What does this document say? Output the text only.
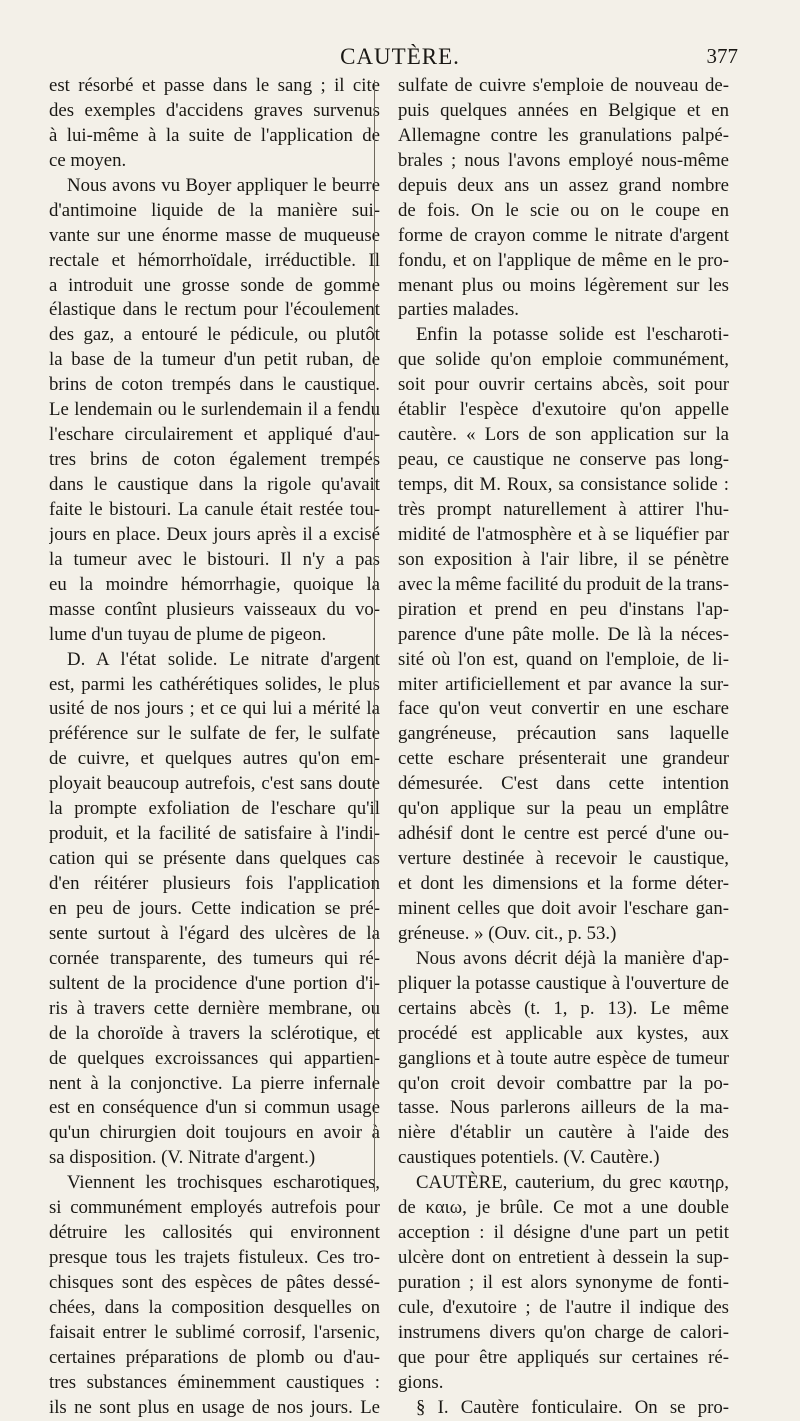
CAUTÈRE.	377
est résorbé et passe dans le sang ; il cite
des exemples d'accidens graves survenus
à lui-même à la suite de l'application de
ce moyen.
Nous avons vu Boyer appliquer le beurre
d'antimoine liquide de la manière sui-
vante sur une énorme masse de muqueuse
rectale et hémorrhoïdale, irréductible. Il
a introduit une grosse sonde de gomme
élastique dans le rectum pour l'écoulement
des gaz, a entouré le pédicule, ou plutôt
la base de la tumeur d'un petit ruban, de
brins de coton trempés dans le caustique.
Le lendemain ou le surlendemain il a fendu
l'eschare circulairement et appliqué d'au-
tres brins de coton également trempés
dans le caustique dans la rigole qu'avait
faite le bistouri. La canule était restée tou-
jours en place. Deux jours après il a excisé
la tumeur avec le bistouri. Il n'y a pas
eu la moindre hémorrhagie, quoique la
masse contînt plusieurs vaisseaux du vo-
lume d'un tuyau de plume de pigeon.
D. A l'état solide. Le nitrate d'argent
est, parmi les cathérétiques solides, le plus
usité de nos jours ; et ce qui lui a mérité la
préférence sur le sulfate de fer, le sulfate
de cuivre, et quelques autres qu'on em-
ployait beaucoup autrefois, c'est sans doute
la prompte exfoliation de l'eschare qu'il
produit, et la facilité de satisfaire à l'indi-
cation qui se présente dans quelques cas
d'en réitérer plusieurs fois l'application
en peu de jours. Cette indication se pré-
sente surtout à l'égard des ulcères de la
cornée transparente, des tumeurs qui ré-
sultent de la procidence d'une portion d'i-
ris à travers cette dernière membrane, ou
de la choroïde à travers la sclérotique, et
de quelques excroissances qui appartien-
nent à la conjonctive. La pierre infernale
est en conséquence d'un si commun usage
qu'un chirurgien doit toujours en avoir à
sa disposition. (V. Nitrate d'argent.)
Viennent les trochisques escharotiques,
si communément employés autrefois pour
détruire les callosités qui environnent
presque tous les trajets fistuleux. Ces tro-
chisques sont des espèces de pâtes dessé-
chées, dans la composition desquelles on
faisait entrer le sublimé corrosif, l'arsenic,
certaines préparations de plomb ou d'au-
tres substances éminemment caustiques :
ils ne sont plus en usage de nos jours. Le
sulfate de cuivre s'emploie de nouveau de-
puis quelques années en Belgique et en
Allemagne contre les granulations palpé-
brales ; nous l'avons employé nous-même
depuis deux ans un assez grand nombre
de fois. On le scie ou on le coupe en
forme de crayon comme le nitrate d'argent
fondu, et on l'applique de même en le pro-
menant plus ou moins légèrement sur les
parties malades.
Enfin la potasse solide est l'escharoti-
que solide qu'on emploie communément,
soit pour ouvrir certains abcès, soit pour
établir l'espèce d'exutoire qu'on appelle
cautère. « Lors de son application sur la
peau, ce caustique ne conserve pas long-
temps, dit M. Roux, sa consistance solide :
très prompt naturellement à attirer l'hu-
midité de l'atmosphère et à se liquéfier par
son exposition à l'air libre, il se pénètre
avec la même facilité du produit de la trans-
piration et prend en peu d'instans l'ap-
parence d'une pâte molle. De là la néces-
sité où l'on est, quand on l'emploie, de li-
miter artificiellement et par avance la sur-
face qu'on veut convertir en une eschare
gangréneuse, précaution sans laquelle
cette eschare présenterait une grandeur
démesurée. C'est dans cette intention
qu'on applique sur la peau un emplâtre
adhésif dont le centre est percé d'une ou-
verture destinée à recevoir le caustique,
et dont les dimensions et la forme déter-
minent celles que doit avoir l'eschare gan-
gréneuse. » (Ouv. cit., p. 53.)
Nous avons décrit déjà la manière d'ap-
pliquer la potasse caustique à l'ouverture de
certains abcès (t. 1, p. 13). Le même
procédé est applicable aux kystes, aux
ganglions et à toute autre espèce de tumeur
qu'on croit devoir combattre par la po-
tasse. Nous parlerons ailleurs de la ma-
nière d'établir un cautère à l'aide des
caustiques potentiels. (V. Cautère.)
CAUTÈRE, cauterium, du grec καυτηρ,
de καιω, je brûle. Ce mot a une double
acception : il désigne d'une part un petit
ulcère dont on entretient à dessein la sup-
puration ; il est alors synonyme de fonti-
cule, d'exutoire ; de l'autre il indique des
instrumens divers qu'on charge de calori-
que pour être appliqués sur certaines ré-
gions.
§ I. Cautère fonticulaire. On se pro-
